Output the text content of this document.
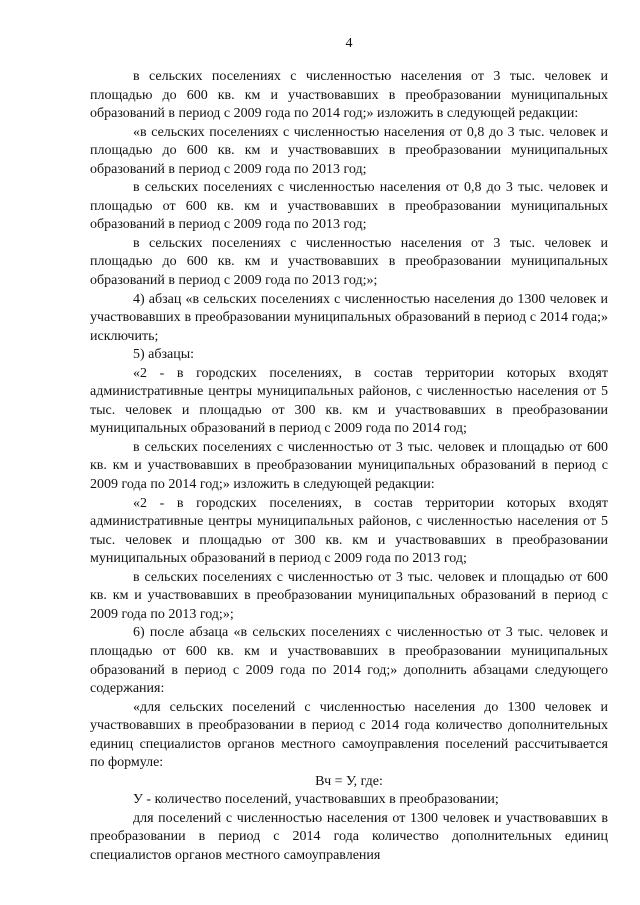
4

в сельских поселениях с численностью населения от 3 тыс. человек и площадью до 600 кв. км и участвовавших в преобразовании муниципальных образований в период с 2009 года по 2014 год;» изложить в следующей редакции:

«в сельских поселениях с численностью населения от 0,8 до 3 тыс. человек и площадью до 600 кв. км и участвовавших в преобразовании муниципальных образований в период с 2009 года по 2013 год;

в сельских поселениях с численностью населения от 0,8 до 3 тыс. человек и площадью от 600 кв. км и участвовавших в преобразовании муниципальных образований в период с 2009 года по 2013 год;

в сельских поселениях с численностью населения от 3 тыс. человек и площадью до 600 кв. км и участвовавших в преобразовании муниципальных образований в период с 2009 года по 2013 год;»;

4) абзац «в сельских поселениях с численностью населения до 1300 человек и участвовавших в преобразовании муниципальных образований в период с 2014 года;» исключить;

5) абзацы:

«2 - в городских поселениях, в состав территории которых входят административные центры муниципальных районов, с численностью населения от 5 тыс. человек и площадью от 300 кв. км и участвовавших в преобразовании муниципальных образований в период с 2009 года по 2014 год;

в сельских поселениях с численностью от 3 тыс. человек и площадью от 600 кв. км и участвовавших в преобразовании муниципальных образований в период с 2009 года по 2014 год;» изложить в следующей редакции:

«2 - в городских поселениях, в состав территории которых входят административные центры муниципальных районов, с численностью населения от 5 тыс. человек и площадью от 300 кв. км и участвовавших в преобразовании муниципальных образований в период с 2009 года по 2013 год;

в сельских поселениях с численностью от 3 тыс. человек и площадью от 600 кв. км и участвовавших в преобразовании муниципальных образований в период с 2009 года по 2013 год;»;

6) после абзаца «в сельских поселениях с численностью от 3 тыс. человек и площадью от 600 кв. км и участвовавших в преобразовании муниципальных образований в период с 2009 года по 2014 год;» дополнить абзацами следующего содержания:

«для сельских поселений с численностью населения до 1300 человек и участвовавших в преобразовании в период с 2014 года количество дополнительных единиц специалистов органов местного самоуправления поселений рассчитывается по формуле:

Вч = У, где:

У - количество поселений, участвовавших в преобразовании;

для поселений с численностью населения от 1300 человек и участвовавших в преобразовании в период с 2014 года количество дополнительных единиц специалистов органов местного самоуправления
